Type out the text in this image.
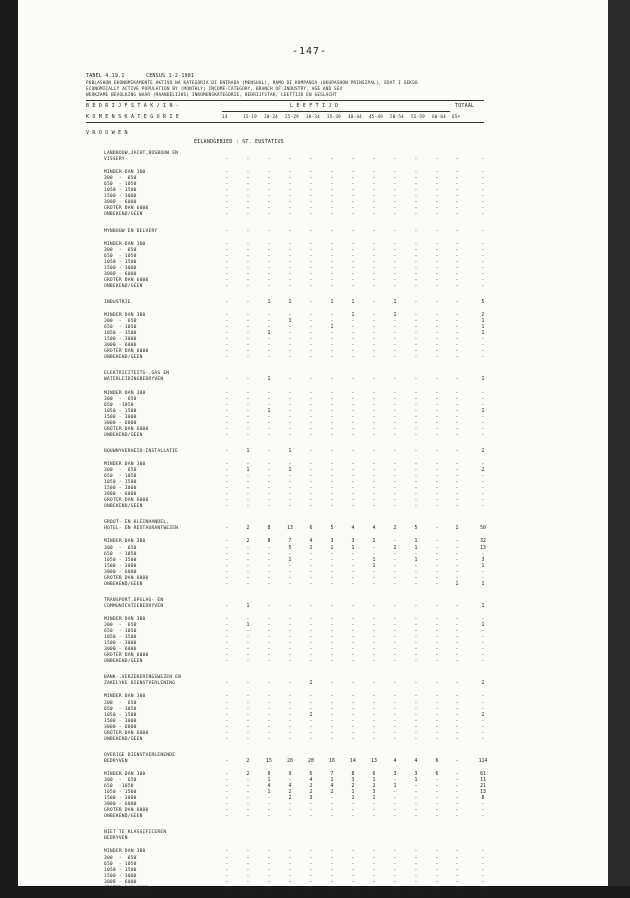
-147-
TABEL 4.19.1	CENSUS 1-2-1981
POBLASHON EKONOMIKAMENTE AKTIVO NA KATEGORIA DI ENTRADA (MENSUAL), RAMO DI KOMPANIA (OKUPASHON PRINSIPAL), EDAT I SEKSO
ECONOMICALLY ACTIVE POPULATION BY (MONTHLY) INCOME-CATEGORY, BRANCH OF INDUSTRY, AGE AND SEX
WERKZAME BEVOLKING NAAR (MAANDELIJKS) INKOMENSKATEGORIE, BEDRIJFSTAK, LEEFTIJD EN GESLACHT
B E D R I J F S T A K / I N -	L E E F T I J D	TOTAAL
K O M E N S K A T E G O R I E
V R O U W E N
EILANDGEBIED : ST. EUSTATIUS
14	15-19 20-24 25-29 30-34 35-39 40-44 45-49 50-54 55-59 60-64 65+
LANDBOUW,JACHT,BOSBOUW EN
VISSERY	-	-	-	-	-	-	-	-	-	-	-	-	-
MINDER DAN 300	-	-	-	-	-	-	-	-	-	-	-	-	-
300  -  650	-	-	-	-	-	-	-	-	-	-	-	-	-
650  - 1050	-	-	-	-	-	-	-	-	-	-	-	-	-
1050 - 1500	-	-	-	-	-	-	-	-	-	-	-	-	-
1500 - 3000	-	-	-	-	-	-	-	-	-	-	-	-	-
3000 - 6000	-	-	-	-	-	-	-	-	-	-	-	-	-
GROTER DAN 6000	-	-	-	-	-	-	-	-	-	-	-	-	-
ONBEKEND/GEEN	-	-	-	-	-	-	-	-	-	-	-	-	-
MYNBOUW EN DELVERY	-	-	-	-	-	-	-	-	-	-	-	-	-
MINDER DAN 300	-	-	-	-	-	-	-	-	-	-	-	-	-
300  -  650	-	-	-	-	-	-	-	-	-	-	-	-	-
650  - 1050	-	-	-	-	-	-	-	-	-	-	-	-	-
1050 - 1500	-	-	-	-	-	-	-	-	-	-	-	-	-
1500 - 3000	-	-	-	-	-	-	-	-	-	-	-	-	-
3000 - 6000	-	-	-	-	-	-	-	-	-	-	-	-	-
GROTER DAN 6000	-	-	-	-	-	-	-	-	-	-	-	-	-
ONBEKEND/GEEN	-	-	-	-	-	-	-	-	-	-	-	-	-
INDUSTRIE	-	-	1	1	-	1	1	-	1	-	-	-	5
MINDER DAN 300	-	-	-	-	-	-	1	-	1	-	-	-	2
300  -  650	-	-	-	1	-	-	-	-	-	-	-	-	1
650  - 1050	-	-	-	-	-	1	-	-	-	-	-	-	1
1050 - 1500	-	-	1	-	-	-	-	-	-	-	-	-	1
1500 - 3000	-	-	-	-	-	-	-	-	-	-	-	-	-
3000 - 6000	-	-	-	-	-	-	-	-	-	-	-	-	-
GROTER DAN 6000	-	-	-	-	-	-	-	-	-	-	-	-	-
ONBEKEND/GEEN	-	-	-	-	-	-	-	-	-	-	-	-	-
ELEKTRICITEITS-,GAS EN
WATERLEIDINGBEDRYVEN	-	-	1	-	-	-	-	-	-	-	-	-	1
MINDER DAN 300	-	-	-	-	-	-	-	-	-	-	-	-	-
300  -  650	-	-	-	-	-	-	-	-	-	-	-	-	-
650  -1050	-	-	-	-	-	-	-	-	-	-	-	-	-
1050 - 1500	-	-	1	-	-	-	-	-	-	-	-	-	1
1500 - 3000	-	-	-	-	-	-	-	-	-	-	-	-	-
3000 - 6000	-	-	-	-	-	-	-	-	-	-	-	-	-
GROTER DAN 6000	-	-	-	-	-	-	-	-	-	-	-	-	-
ONBEKEND/GEEN	-	-	-	-	-	-	-	-	-	-	-	-	-
BOUWNYVERHEID-INSTALLATIE	-	1	-	1	-	-	-	-	-	-	-	-	2
MINDER DAN 300	-	-	-	-	-	-	-	-	-	-	-	-	-
300  -  650	-	1	-	1	-	-	-	-	-	-	-	-	2
650  - 1050	-	-	-	-	-	-	-	-	-	-	-	-	-
1050 - 1500	-	-	-	-	-	-	-	-	-	-	-	-	-
1500 - 3000	-	-	-	-	-	-	-	-	-	-	-	-	-
3000 - 6000	-	-	-	-	-	-	-	-	-	-	-	-	-
GROTER DAN 6000	-	-	-	-	-	-	-	-	-	-	-	-	-
ONBEKEND/GEEN	-	-	-	-	-	-	-	-	-	-	-	-	-
GROOT- EN KLEINHANDEL,
HOTEL- EN RESTAURANTWEZEN	-	2	8	13	6	5	4	4	2	5	-	1	50
MINDER DAN 300	-	2	8	7	4	3	3	1	-	1	-	-	32
300  -  650	-	-	-	5	2	2	1	-	2	1	-	-	13
650  - 1050	-	-	-	-	-	-	-	-	-	-	-	-	-
1050 - 1500	-	-	-	1	-	-	-	1	-	1	-	-	3
1500 - 3000	-	-	-	-	-	-	-	1	-	-	-	-	1
3000 - 6000	-	-	-	-	-	-	-	-	-	-	-	-	-
GROTER DAN 6000	-	-	-	-	-	-	-	-	-	-	-	-	-
ONBEKEND/GEEN	-	-	-	-	-	-	-	-	-	-	-	1	1
TRANSPORT,OPSLAG- EN
COMMUNICATIEBEDRYVEN	-	1	-	-	-	-	-	-	-	-	-	-	1
MINDER DAN 300	-	-	-	-	-	-	-	-	-	-	-	-	-
300  -  650	-	1	-	-	-	-	-	-	-	-	-	-	1
650  - 1050	-	-	-	-	-	-	-	-	-	-	-	-	-
1050 - 1500	-	-	-	-	-	-	-	-	-	-	-	-	-
1500 - 3000	-	-	-	-	-	-	-	-	-	-	-	-	-
3000 - 6000	-	-	-	-	-	-	-	-	-	-	-	-	-
GROTER DAN 6000	-	-	-	-	-	-	-	-	-	-	-	-	-
ONBEKEND/GEEN	-	-	-	-	-	-	-	-	-	-	-	-	-
BANK-,VERZEKERINGSWEZEN EN
ZAKELYKE DIENSTVERLENING	-	-	-	-	2	-	-	-	-	-	-	-	2
MINDER DAN 300	-	-	-	-	-	-	-	-	-	-	-	-	-
300  -  650	-	-	-	-	-	-	-	-	-	-	-	-	-
650  - 1050	-	-	-	-	-	-	-	-	-	-	-	-	-
1050 - 1500	-	-	-	-	2	-	-	-	-	-	-	-	2
1500 - 3000	-	-	-	-	-	-	-	-	-	-	-	-	-
3000 - 6000	-	-	-	-	-	-	-	-	-	-	-	-	-
GROTER DAN 6000	-	-	-	-	-	-	-	-	-	-	-	-	-
ONBEKEND/GEEN	-	-	-	-	-	-	-	-	-	-	-	-	-
OVERIGE DIENSTVERLENENDE
BEDRYVEN	-	2	15	20	20	16	14	13	4	4	6	-	114
MINDER DAN 300	-	2	9	9	6	7	8	6	3	3	6	-	61
300  -  650	-	-	1	-	4	1	3	1	-	1	-	-	11
650  -1050	-	-	4	4	2	4	2	2	1	-	-	-	21
1050 - 1500	-	-	1	2	2	2	1	3	-	-	-	-	13
1500 - 3000	-	-	-	2	3	-	1	1	-	-	-	-	8
3000 - 6000	-	-	-	-	-	-	-	-	-	-	-	-	-
GROTER DAN 6000	-	-	-	-	-	-	-	-	-	-	-	-	-
ONBEKEND/GEEN	-	-	-	-	-	-	-	-	-	-	-	-	-
NIET TE KLASSIFICEREN
BEDRYVEN
MINDER DAN 300	-	-	-	-	-	-	-	-	-	-	-	-	-
300  -  650	-	-	-	-	-	-	-	-	-	-	-	-	-
650  - 1050	-	-	-	-	-	-	-	-	-	-	-	-	-
1050 - 1500	-	-	-	-	-	-	-	-	-	-	-	-	-
1500 - 3000	-	-	-	-	-	-	-	-	-	-	-	-	-
3000 - 6000	-	-	-	-	-	-	-	-	-	-	-	-	-
GROTER DAN 6000	-	-	-	-	-	-	-	-	-	-	-	-	-
ONBEKEND/GEEN	-	-	-	-	-	-	-	-	-	-	-	-	-
